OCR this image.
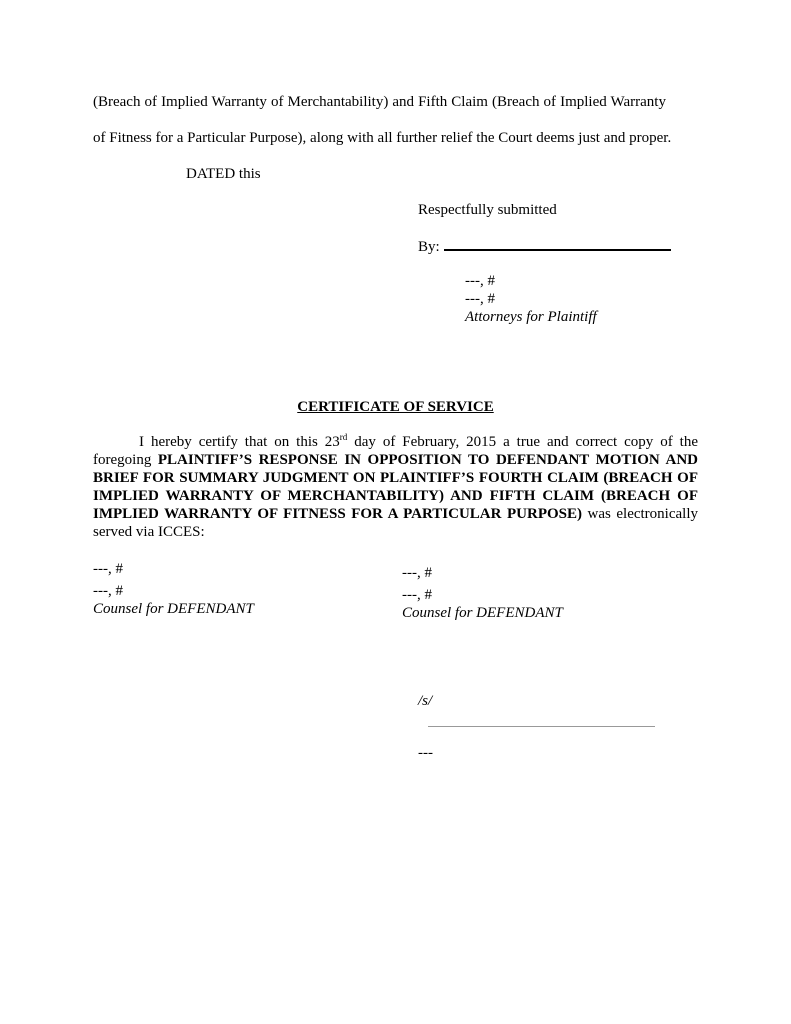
(Breach of Implied Warranty of Merchantability) and Fifth Claim (Breach of Implied Warranty
of Fitness for a Particular Purpose), along with all further relief the Court deems just and proper.
DATED this
Respectfully submitted
By:
---, #
---, #
Attorneys for Plaintiff
CERTIFICATE OF SERVICE
I hereby certify that on this 23rd day of February, 2015 a true and correct copy of the foregoing PLAINTIFF’S RESPONSE IN OPPOSITION TO DEFENDANT MOTION AND BRIEF FOR SUMMARY JUDGMENT ON PLAINTIFF’S FOURTH CLAIM (BREACH OF IMPLIED WARRANTY OF MERCHANTABILITY) AND FIFTH CLAIM (BREACH OF IMPLIED WARRANTY OF FITNESS FOR A PARTICULAR PURPOSE) was electronically served via ICCES:
---, #
---, #
Counsel for DEFENDANT
---, #
---, #
Counsel for DEFENDANT
/s/
---
